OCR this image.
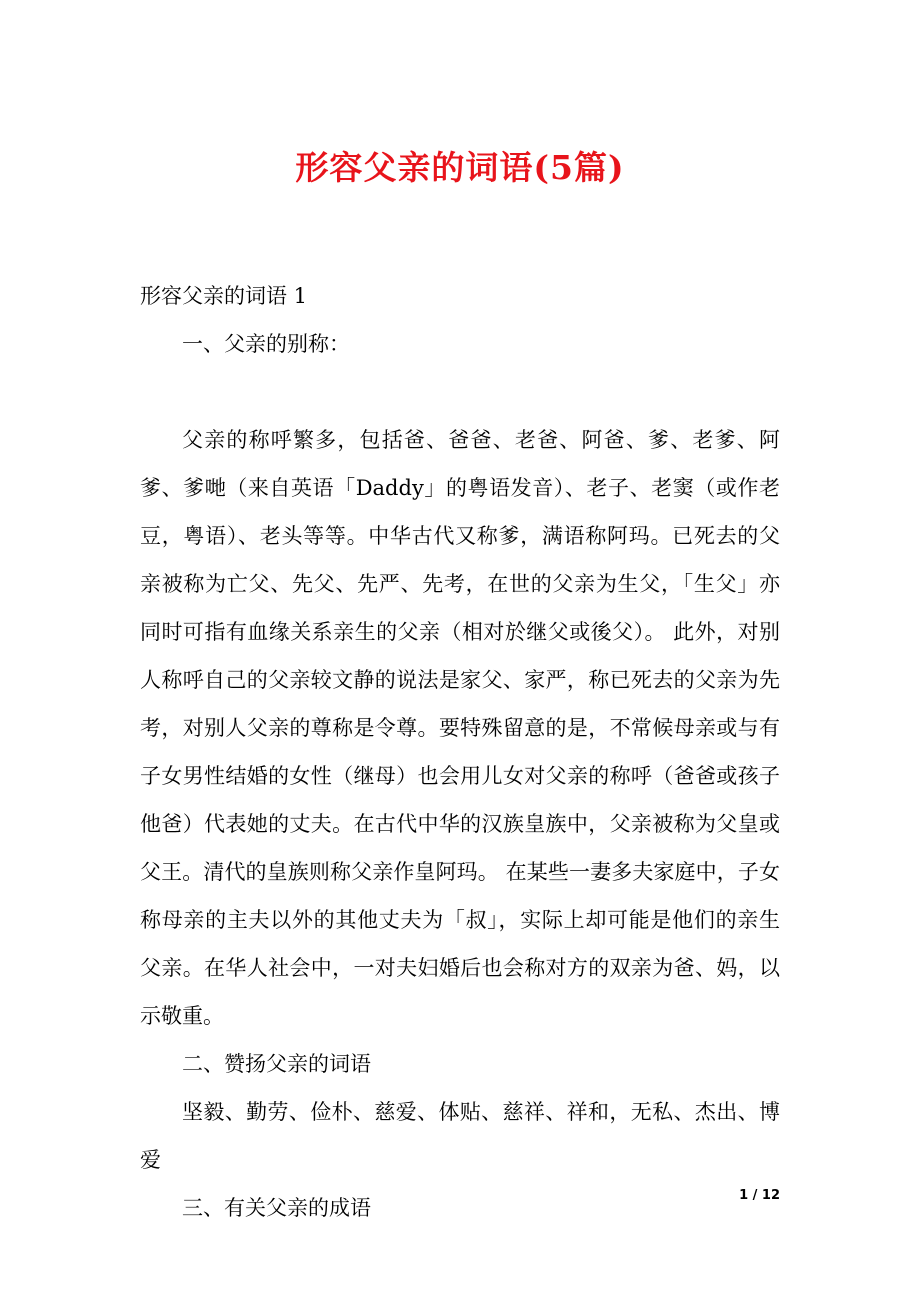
形容父亲的词语(5篇)

形容父亲的词语 1

一、父亲的别称：

父亲的称呼繁多，包括爸、爸爸、老爸、阿爸、爹、老爹、阿爹、爹哋（来自英语「Daddy」的粤语发音）、老子、老窦（或作老豆，粤语）、老头等等。中华古代又称爹，满语称阿玛。已死去的父亲被称为亡父、先父、先严、先考，在世的父亲为生父，「生父」亦同时可指有血缘关系亲生的父亲（相对於继父或後父）。 此外，对别人称呼自己的父亲较文静的说法是家父、家严，称已死去的父亲为先考，对别人父亲的尊称是令尊。要特殊留意的是，不常候母亲或与有子女男性结婚的女性（继母）也会用儿女对父亲的称呼（爸爸或孩子他爸）代表她的丈夫。在古代中华的汉族皇族中，父亲被称为父皇或父王。清代的皇族则称父亲作皇阿玛。 在某些一妻多夫家庭中，子女称母亲的主夫以外的其他丈夫为「叔」，实际上却可能是他们的亲生父亲。在华人社会中，一对夫妇婚后也会称对方的双亲为爸、妈，以示敬重。

二、赞扬父亲的词语

坚毅、勤劳、俭朴、慈爱、体贴、慈祥、祥和，无私、杰出、博爱

三、有关父亲的成语

1 / 12
